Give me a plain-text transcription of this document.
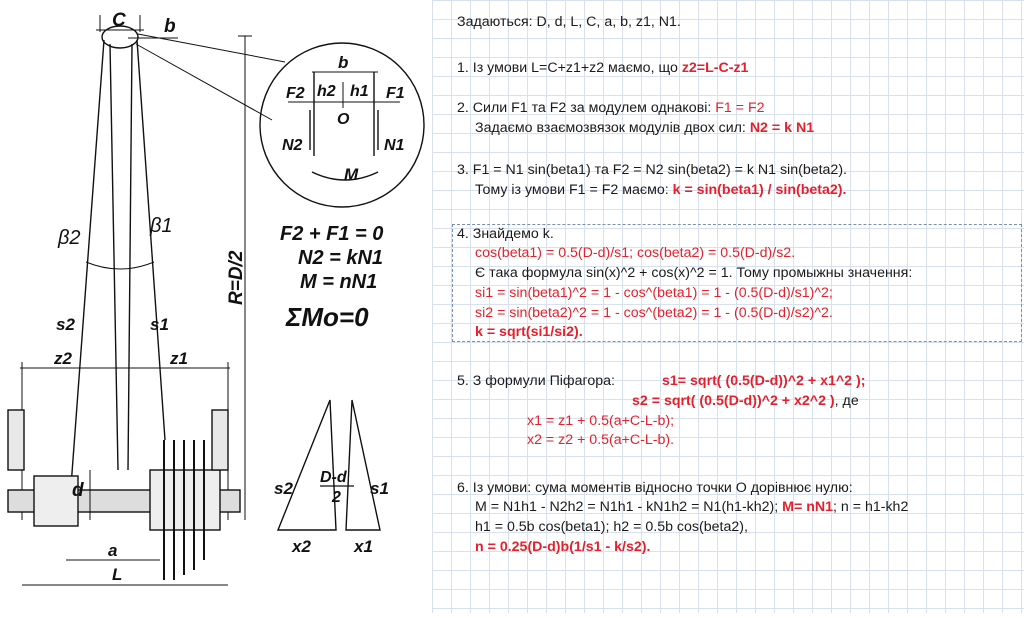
C b
b
h2 h1
F2	F1
O
N2	N1
M
β2
β1
R=D/2
F2 + F1 = 0
N2 = kN1
M = nN1
ΣMo=0
s2	s1
z2	z1
d
a
L
s2	s1
x2	x1
D-d
2
Задаються: D, d, L, C, a, b, z1, N1.
1. Із умови L=C+z1+z2 маємо, що z2=L-C-z1
2. Сили F1 та F2 за модулем однакові: F1 = F2
Задаємо взаємозвязок модулів двох сил: N2 = k N1
3. F1 = N1 sin(beta1) та F2 = N2 sin(beta2) = k N1 sin(beta2).
Тому із умови F1 = F2 маємо: k = sin(beta1) / sin(beta2).
4. Знайдемо k.
cos(beta1) = 0.5(D-d)/s1; cos(beta2) = 0.5(D-d)/s2.
Є така формула sin(x)^2 + cos(x)^2 = 1. Тому промыжны значення:
si1 = sin(beta1)^2 = 1 - cos^(beta1) = 1 - (0.5(D-d)/s1)^2;
si2 = sin(beta2)^2 = 1 - cos^(beta2) = 1 - (0.5(D-d)/s2)^2.
k = sqrt(si1/si2).
5. З формули Піфагора:	s1= sqrt( (0.5(D-d))^2 + x1^2 );
s2 = sqrt( (0.5(D-d))^2 + x2^2 ), де
x1 = z1 + 0.5(a+C-L-b);
x2 = z2 + 0.5(a+C-L-b).
6. Із умови: сума моментів відносно точки O дорівнює нулю:
M = N1h1 - N2h2 = N1h1 - kN1h2 = N1(h1-kh2); M= nN1; n = h1-kh2
h1 = 0.5b cos(beta1); h2 = 0.5b cos(beta2),
n = 0.25(D-d)b(1/s1 - k/s2).
